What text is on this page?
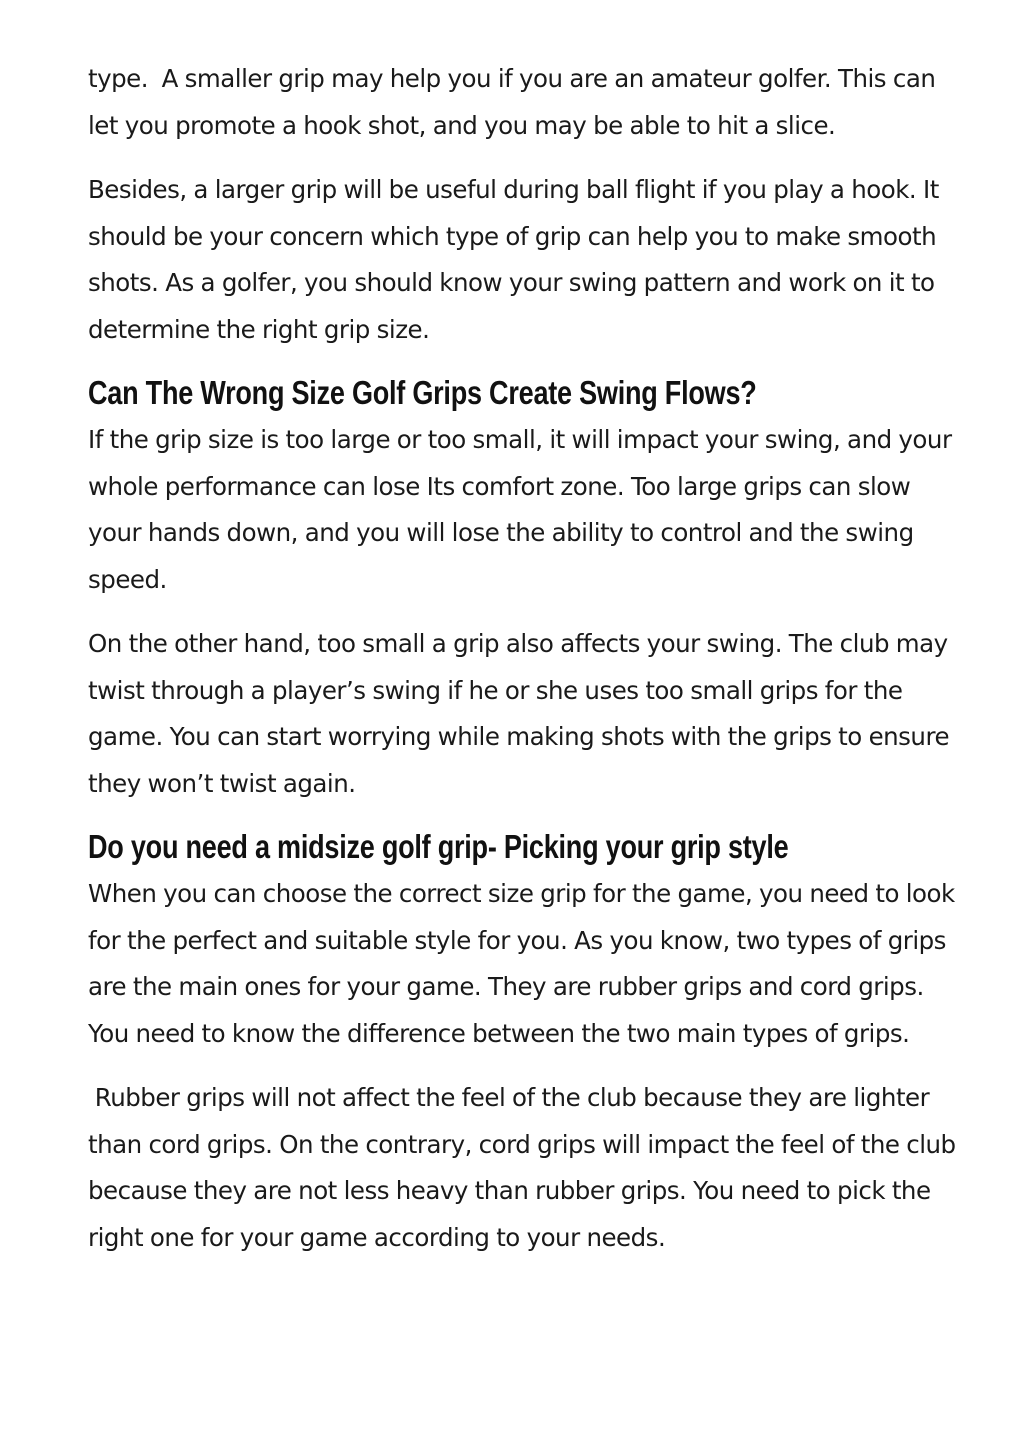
type.  A smaller grip may help you if you are an amateur golfer. This can let you promote a hook shot, and you may be able to hit a slice.

Besides, a larger grip will be useful during ball flight if you play a hook. It should be your concern which type of grip can help you to make smooth shots. As a golfer, you should know your swing pattern and work on it to determine the right grip size.

Can The Wrong Size Golf Grips Create Swing Flows?

If the grip size is too large or too small, it will impact your swing, and your whole performance can lose Its comfort zone. Too large grips can slow your hands down, and you will lose the ability to control and the swing speed.

On the other hand, too small a grip also affects your swing. The club may twist through a player’s swing if he or she uses too small grips for the game. You can start worrying while making shots with the grips to ensure they won’t twist again.

Do you need a midsize golf grip- Picking your grip style

When you can choose the correct size grip for the game, you need to look for the perfect and suitable style for you. As you know, two types of grips are the main ones for your game. They are rubber grips and cord grips. You need to know the difference between the two main types of grips.

Rubber grips will not affect the feel of the club because they are lighter than cord grips. On the contrary, cord grips will impact the feel of the club because they are not less heavy than rubber grips. You need to pick the right one for your game according to your needs.
